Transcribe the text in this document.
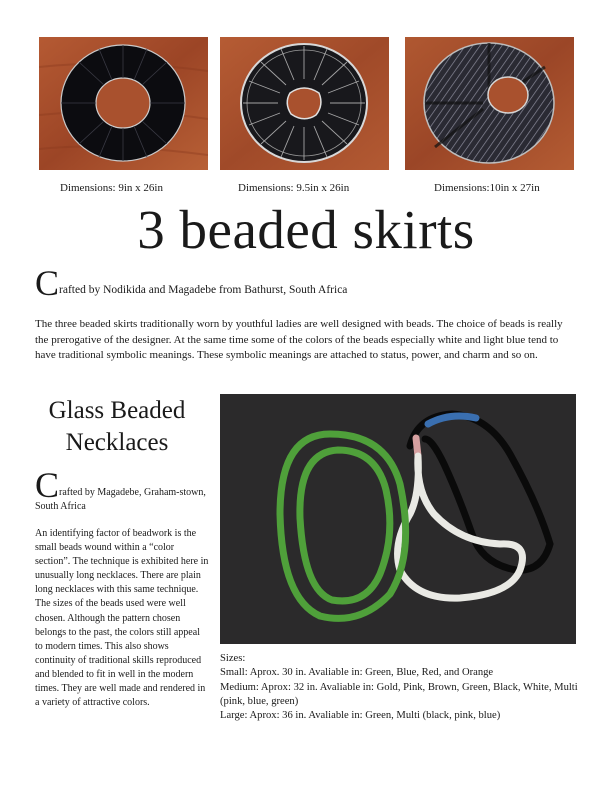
Dimensions: 9in x 26in	Dimensions: 9.5in x 26in	Dimensions:10in x 27in
3 beaded skirts
Crafted by Nodikida and Magadebe from Bathurst, South Africa
The three beaded skirts traditionally worn by youthful ladies are well designed with beads. The choice of beads is really the prerogative of the designer. At the same time some of the colors of the beads especially white and light blue tend to have traditional symbolic meanings. These symbolic meanings are attached to status, power, and charm and so on.
Glass Beaded
Necklaces
Crafted by Magadebe, Graham-stown, South Africa
An identifying factor of beadwork is the small beads wound within a “color section”. The technique is exhibited here in unusually long necklaces. There are plain long necklaces with this same technique. The sizes of the beads used were well chosen. Although the pattern chosen belongs to the past, the colors still appeal to modern times. This also shows continuity of traditional skills reproduced and blended to fit in well in the modern times. They are well made and rendered in a variety of attractive colors.
Sizes:
Small: Aprox. 30 in. Avaliable in: Green, Blue, Red, and Orange
Medium: Aprox: 32 in. Avaliable in: Gold, Pink, Brown, Green, Black, White, Multi (pink, blue, green)
Large: Aprox: 36 in. Avaliable in: Green, Multi (black, pink, blue)
